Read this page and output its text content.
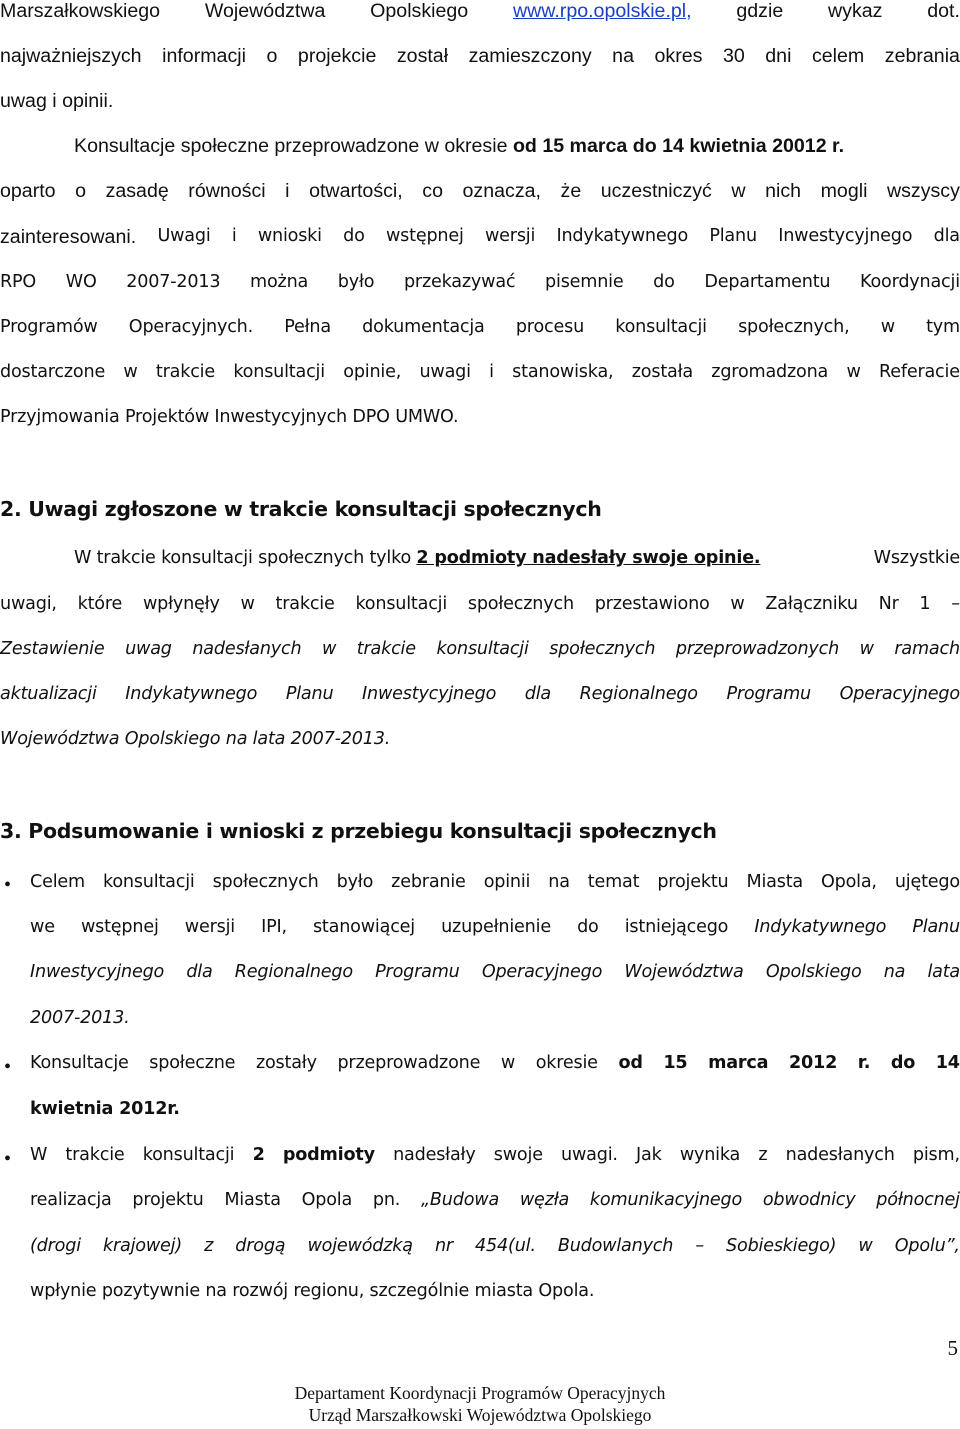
Marszałkowskiego Województwa Opolskiego www.rpo.opolskie.pl, gdzie wykaz dot.
najważniejszych informacji o projekcie został zamieszczony na okres 30 dni celem zebrania
uwag i opinii.
Konsultacje społeczne przeprowadzone w okresie od 15 marca do 14 kwietnia 20012 r.
oparto o zasadę równości i otwartości, co oznacza, że uczestniczyć w nich mogli wszyscy
zainteresowani. Uwagi i wnioski do wstępnej wersji Indykatywnego Planu Inwestycyjnego dla
RPO WO 2007-2013 można było przekazywać pisemnie do Departamentu Koordynacji
Programów Operacyjnych. Pełna dokumentacja procesu konsultacji społecznych, w tym
dostarczone w trakcie konsultacji opinie, uwagi i stanowiska, została zgromadzona w Referacie
Przyjmowania Projektów Inwestycyjnych DPO UMWO.
2. Uwagi zgłoszone w trakcie konsultacji społecznych
W trakcie konsultacji społecznych tylko 2 podmioty nadesłały swoje opinie.	Wszystkie
uwagi, które wpłynęły w trakcie konsultacji społecznych przestawiono w Załączniku Nr 1 –
Zestawienie uwag nadesłanych w trakcie konsultacji społecznych przeprowadzonych w ramach
aktualizacji Indykatywnego Planu Inwestycyjnego dla Regionalnego Programu Operacyjnego
Województwa Opolskiego na lata 2007-2013.
3. Podsumowanie i wnioski z przebiegu konsultacji społecznych
• Celem konsultacji społecznych było zebranie opinii na temat projektu Miasta Opola, ujętego
we wstępnej wersji IPI, stanowiącej uzupełnienie do istniejącego Indykatywnego Planu
Inwestycyjnego dla Regionalnego Programu Operacyjnego Województwa Opolskiego na lata
2007-2013.
• Konsultacje społeczne zostały przeprowadzone w okresie od 15 marca 2012 r. do 14
kwietnia 2012r.
• W trakcie konsultacji 2 podmioty nadesłały swoje uwagi. Jak wynika z nadesłanych pism,
realizacja projektu Miasta Opola pn. „Budowa węzła komunikacyjnego obwodnicy północnej
(drogi krajowej) z drogą wojewódzką nr 454(ul. Budowlanych – Sobieskiego) w Opolu”,
wpłynie pozytywnie na rozwój regionu, szczególnie miasta Opola.
5
Departament Koordynacji Programów Operacyjnych
Urząd Marszałkowski Województwa Opolskiego
